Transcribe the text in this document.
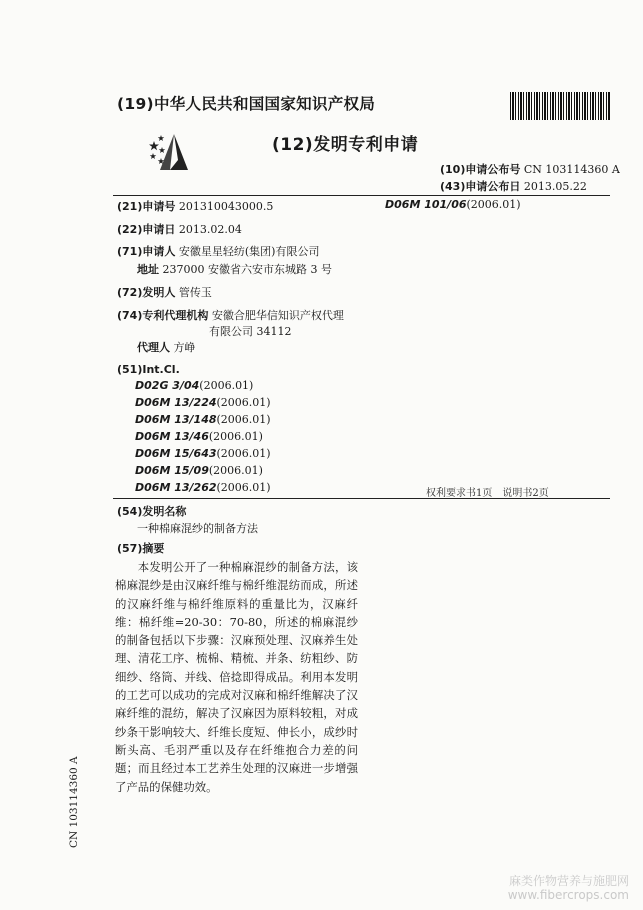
(19)中华人民共和国国家知识产权局
(12)发明专利申请
(10)申请公布号 CN 103114360 A
(43)申请公布日 2013.05.22
(21)申请号 201310043000.5	D06M 101/06(2006.01)
(22)申请日 2013.02.04
(71)申请人 安徽星星轻纺(集团)有限公司
地址 237000 安徽省六安市东城路 3 号
(72)发明人 管传玉
(74)专利代理机构 安徽合肥华信知识产权代理
有限公司 34112
代理人 方峥
(51)Int.Cl.
D02G 3/04(2006.01)
D06M 13/224(2006.01)
D06M 13/148(2006.01)
D06M 13/46(2006.01)
D06M 15/643(2006.01)
D06M 15/09(2006.01)
D06M 13/262(2006.01)	权利要求书1页　说明书2页
(54)发明名称
一种棉麻混纱的制备方法
(57)摘要
本发明公开了一种棉麻混纱的制备方法，该棉麻混纱是由汉麻纤维与棉纤维混纺而成，所述的汉麻纤维与棉纤维原料的重量比为，汉麻纤维：棉纤维=20-30：70-80，所述的棉麻混纱的制备包括以下步骤：汉麻预处理、汉麻养生处理、清花工序、梳棉、精梳、并条、纺粗纱、防细纱、络筒、并线、倍捻即得成品。利用本发明的工艺可以成功的完成对汉麻和棉纤维解决了汉麻纤维的混纺，解决了汉麻因为原料较粗，对成纱条干影响较大、纤维长度短、伸长小，成纱时断头高、毛羽严重以及存在纤维抱合力差的问题；而且经过本工艺养生处理的汉麻进一步增强了产品的保健功效。
CN 103114360 A
麻类作物营养与施肥网
www.fibercrops.com
